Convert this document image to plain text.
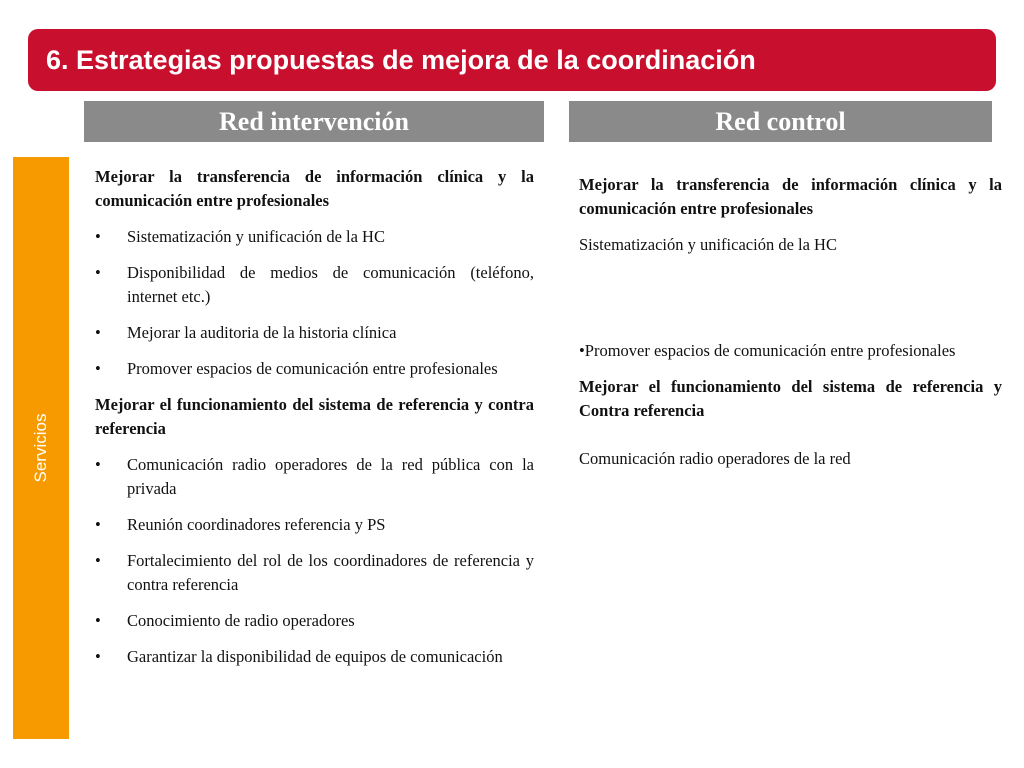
6. Estrategias propuestas de mejora de la coordinación
Red intervención	Red control
Servicios

Mejorar la transferencia de información clínica y la comunicación entre profesionales

• Sistematización y unificación de la HC
• Disponibilidad de medios de comunicación (teléfono, internet etc.)
• Mejorar la auditoria de la historia clínica
• Promover espacios de comunicación entre profesionales

Mejorar el funcionamiento del sistema de referencia y contra referencia

• Comunicación radio operadores de la red pública con la privada
• Reunión coordinadores referencia y PS
• Fortalecimiento del rol de los coordinadores de referencia y contra referencia
• Conocimiento de radio operadores
• Garantizar la disponibilidad de equipos de comunicación

Mejorar la transferencia de información clínica y la comunicación entre profesionales

Sistematización y unificación de la HC

•Promover espacios de comunicación entre profesionales

Mejorar el funcionamiento del sistema de referencia y Contra referencia

Comunicación radio operadores de la red
